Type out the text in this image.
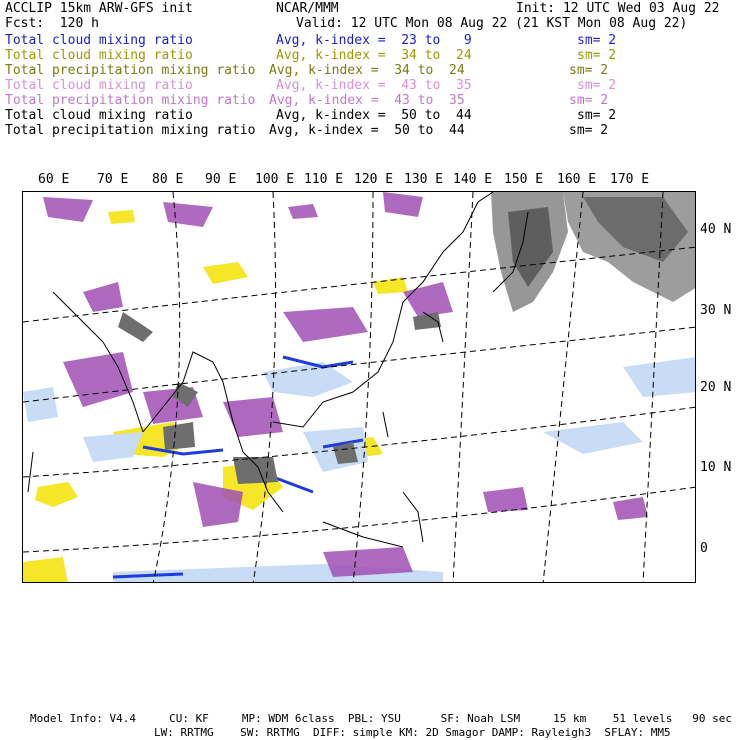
ACCLIP 15km ARW-GFS init	NCAR/MMM	Init: 12 UTC Wed 03 Aug 22
Fcst:  120 h	Valid: 12 UTC Mon 08 Aug 22 (21 KST Mon 08 Aug 22)
Total cloud mixing ratio	Avg, k-index =  23 to   9	sm= 2
Total cloud mixing ratio	Avg, k-index =  34 to  24	sm= 2
Total precipitation mixing ratio Avg, k-index =  34 to  24	sm= 2
Total cloud mixing ratio	Avg, k-index =  43 to  35	sm= 2
Total precipitation mixing ratio Avg, k-index =  43 to  35	sm= 2
Total cloud mixing ratio	Avg, k-index =  50 to  44	sm= 2
Total precipitation mixing ratio Avg, k-index =  50 to  44	sm= 2
60 E 70 E 80 E 90 E 100 E 110 E 120 E 130 E 140 E 150 E 160 E 170 E
40 N
30 N
20 N
10 N
0
Model Info: V4.4     CU: KF     MP: WDM 6class  PBL: YSU      SF: Noah LSM     15 km    51 levels   90 sec
LW: RRTMG    SW: RRTMG  DIFF: simple KM: 2D Smagor DAMP: Rayleigh3  SFLAY: MM5
